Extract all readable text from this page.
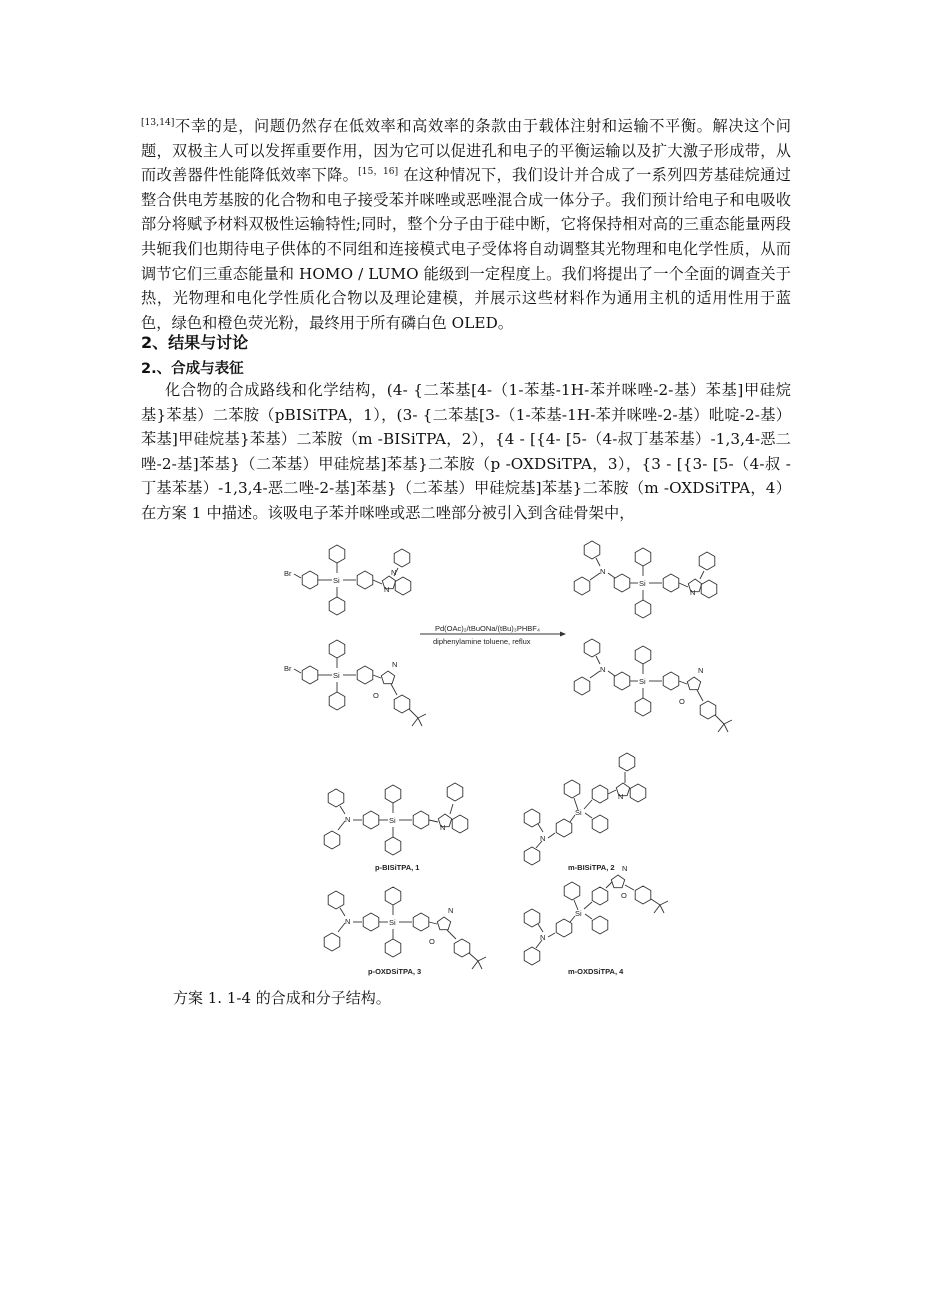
[13,14]不幸的是，问题仍然存在低效率和高效率的条款由于载体注射和运输不平衡。解决这个问题，双极主人可以发挥重要作用，因为它可以促进孔和电子的平衡运输以及扩大激子形成带，从而改善器件性能降低效率下降。[15，16] 在这种情况下，我们设计并合成了一系列四芳基硅烷通过整合供电芳基胺的化合物和电子接受苯并咪唑或恶唑混合成一体分子。我们预计给电子和电吸收部分将赋予材料双极性运输特性;同时，整个分子由于硅中断，它将保持相对高的三重态能量两段共轭我们也期待电子供体的不同组和连接模式电子受体将自动调整其光物理和电化学性质，从而调节它们三重态能量和 HOMO / LUMO 能级到一定程度上。我们将提出了一个全面的调查关于热，光物理和电化学性质化合物以及理论建模，并展示这些材料作为通用主机的适用性用于蓝色，绿色和橙色荧光粉，最终用于所有磷白色 OLED。
2、结果与讨论
2.、合成与表征
化合物的合成路线和化学结构，(4- {二苯基[4-（1-苯基-1H-苯并咪唑-2-基）苯基]甲硅烷基}苯基）二苯胺（pBISiTPA，1），(3- {二苯基[3-（1-苯基-1H-苯并咪唑-2-基）吡啶-2-基）苯基]甲硅烷基}苯基）二苯胺（m -BISiTPA，2），{4 - [{4- [5-（4-叔丁基苯基）-1,3,4-恶二唑-2-基]苯基}（二苯基）甲硅烷基]苯基}二苯胺（p -OXDSiTPA，3），{3 - [{3- [5-（4-叔 - 丁基苯基）-1,3,4-恶二唑-2-基]苯基}（二苯基）甲硅烷基]苯基}二苯胺（m -OXDSiTPA，4）在方案 1 中描述。该吸电子苯并咪唑或恶二唑部分被引入到含硅骨架中，
Br
Si
N
N
Br
Si
N
O
Pd(OAc)₂/tBuONa/(tBu)₃PHBF₄
diphenylamine toluene, reflux
N
Si
N
N
Si
N
O
N	Si
N
p-BISiTPA, 1
N
Si
N
m-BISiTPA, 2
N	Si
N
O
p-OXDSiTPA, 3
N
Si
N
O
m-OXDSiTPA, 4
方案 1. 1-4 的合成和分子结构。
